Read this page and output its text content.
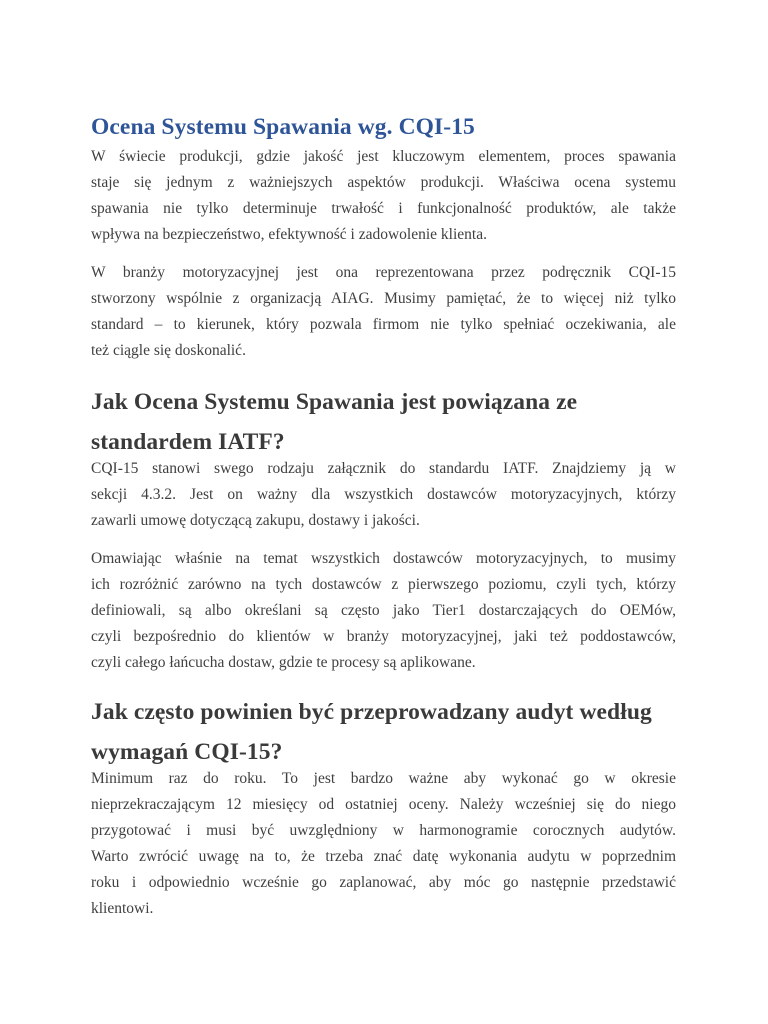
Ocena Systemu Spawania wg. CQI-15

W świecie produkcji, gdzie jakość jest kluczowym elementem, proces spawania
staje się jednym z ważniejszych aspektów produkcji. Właściwa ocena systemu
spawania nie tylko determinuje trwałość i funkcjonalność produktów, ale także
wpływa na bezpieczeństwo, efektywność i zadowolenie klienta.

W branży motoryzacyjnej jest ona reprezentowana przez podręcznik CQI-15
stworzony wspólnie z organizacją AIAG. Musimy pamiętać, że to więcej niż tylko
standard – to kierunek, który pozwala firmom nie tylko spełniać oczekiwania, ale
też ciągle się doskonalić.

Jak Ocena Systemu Spawania jest powiązana ze
standardem IATF?

CQI-15 stanowi swego rodzaju załącznik do standardu IATF. Znajdziemy ją w
sekcji 4.3.2. Jest on ważny dla wszystkich dostawców motoryzacyjnych, którzy
zawarli umowę dotyczącą zakupu, dostawy i jakości.

Omawiając właśnie na temat wszystkich dostawców motoryzacyjnych, to musimy
ich rozróżnić zarówno na tych dostawców z pierwszego poziomu, czyli tych, którzy
definiowali, są albo określani są często jako Tier1 dostarczających do OEMów,
czyli bezpośrednio do klientów w branży motoryzacyjnej, jaki też poddostawców,
czyli całego łańcucha dostaw, gdzie te procesy są aplikowane.

Jak często powinien być przeprowadzany audyt według
wymagań CQI-15?

Minimum raz do roku. To jest bardzo ważne aby wykonać go w okresie
nieprzekraczającym 12 miesięcy od ostatniej oceny. Należy wcześniej się do niego
przygotować i musi być uwzględniony w harmonogramie corocznych audytów.
Warto zwrócić uwagę na to, że trzeba znać datę wykonania audytu w poprzednim
roku i odpowiednio wcześnie go zaplanować, aby móc go następnie przedstawić
klientowi.
